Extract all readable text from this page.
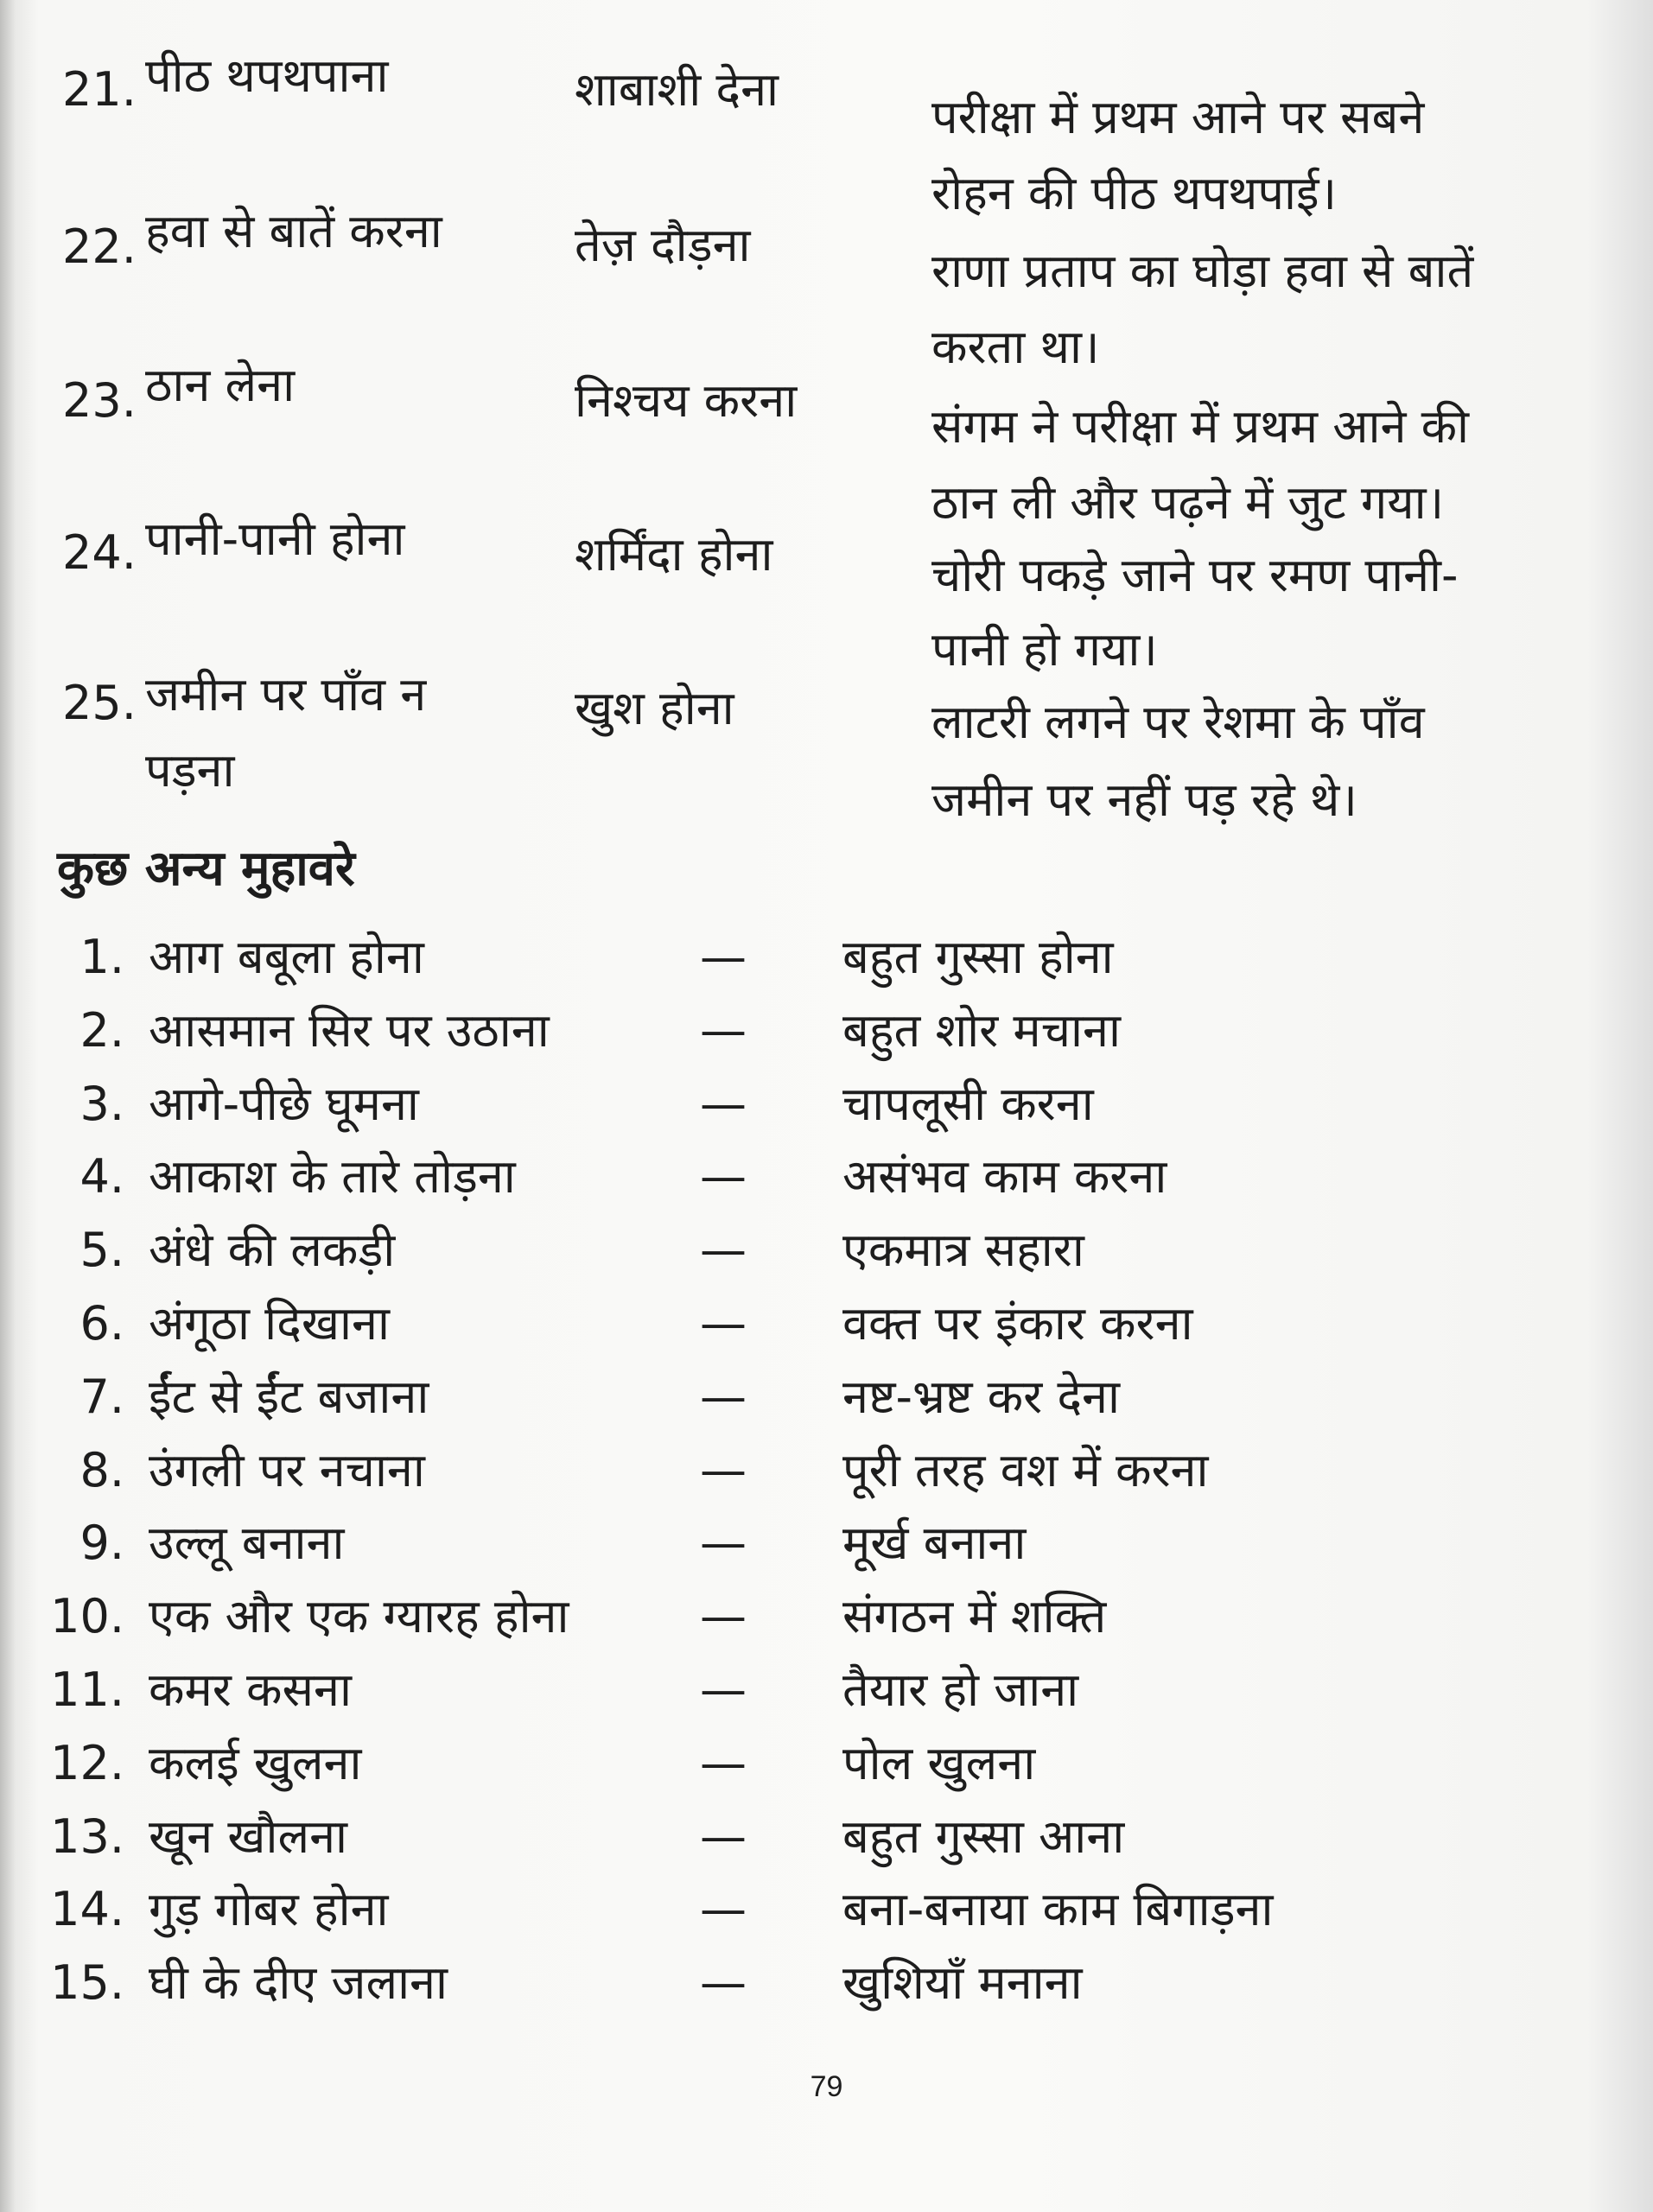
21. पीठ थपथपाना	शाबाशी देना
परीक्षा में प्रथम आने पर सबने
रोहन की पीठ थपथपाई।
22. हवा से बातें करना	तेज़ दौड़ना	राणा प्रताप का घोड़ा हवा से बातें
करता था।
23. ठान लेना	निश्चय करना	संगम ने परीक्षा में प्रथम आने की
ठान ली और पढ़ने में जुट गया।
24. पानी-पानी होना	शर्मिंदा होना	चोरी पकड़े जाने पर रमण पानी-
पानी हो गया।
25. जमीन पर पाँव न
पड़ना
खुश होना	लाटरी लगने पर रेशमा के पाँव
जमीन पर नहीं पड़ रहे थे।
कुछ अन्य मुहावरे
1. आग बबूला होना	— बहुत गुस्सा होना
2. आसमान सिर पर उठाना	— बहुत शोर मचाना
3. आगे-पीछे घूमना	— चापलूसी करना
4. आकाश के तारे तोड़ना	— असंभव काम करना
5. अंधे की लकड़ी	— एकमात्र सहारा
6. अंगूठा दिखाना	— वक्त पर इंकार करना
7. ईंट से ईंट बजाना	— नष्ट-भ्रष्ट कर देना
8. उंगली पर नचाना	— पूरी तरह वश में करना
9. उल्लू बनाना	— मूर्ख बनाना
10. एक और एक ग्यारह होना	— संगठन में शक्ति
11. कमर कसना	— तैयार हो जाना
12. कलई खुलना	— पोल खुलना
13. खून खौलना	— बहुत गुस्सा आना
14. गुड़ गोबर होना	— बना-बनाया काम बिगाड़ना
15. घी के दीए जलाना	— खुशियाँ मनाना
79
